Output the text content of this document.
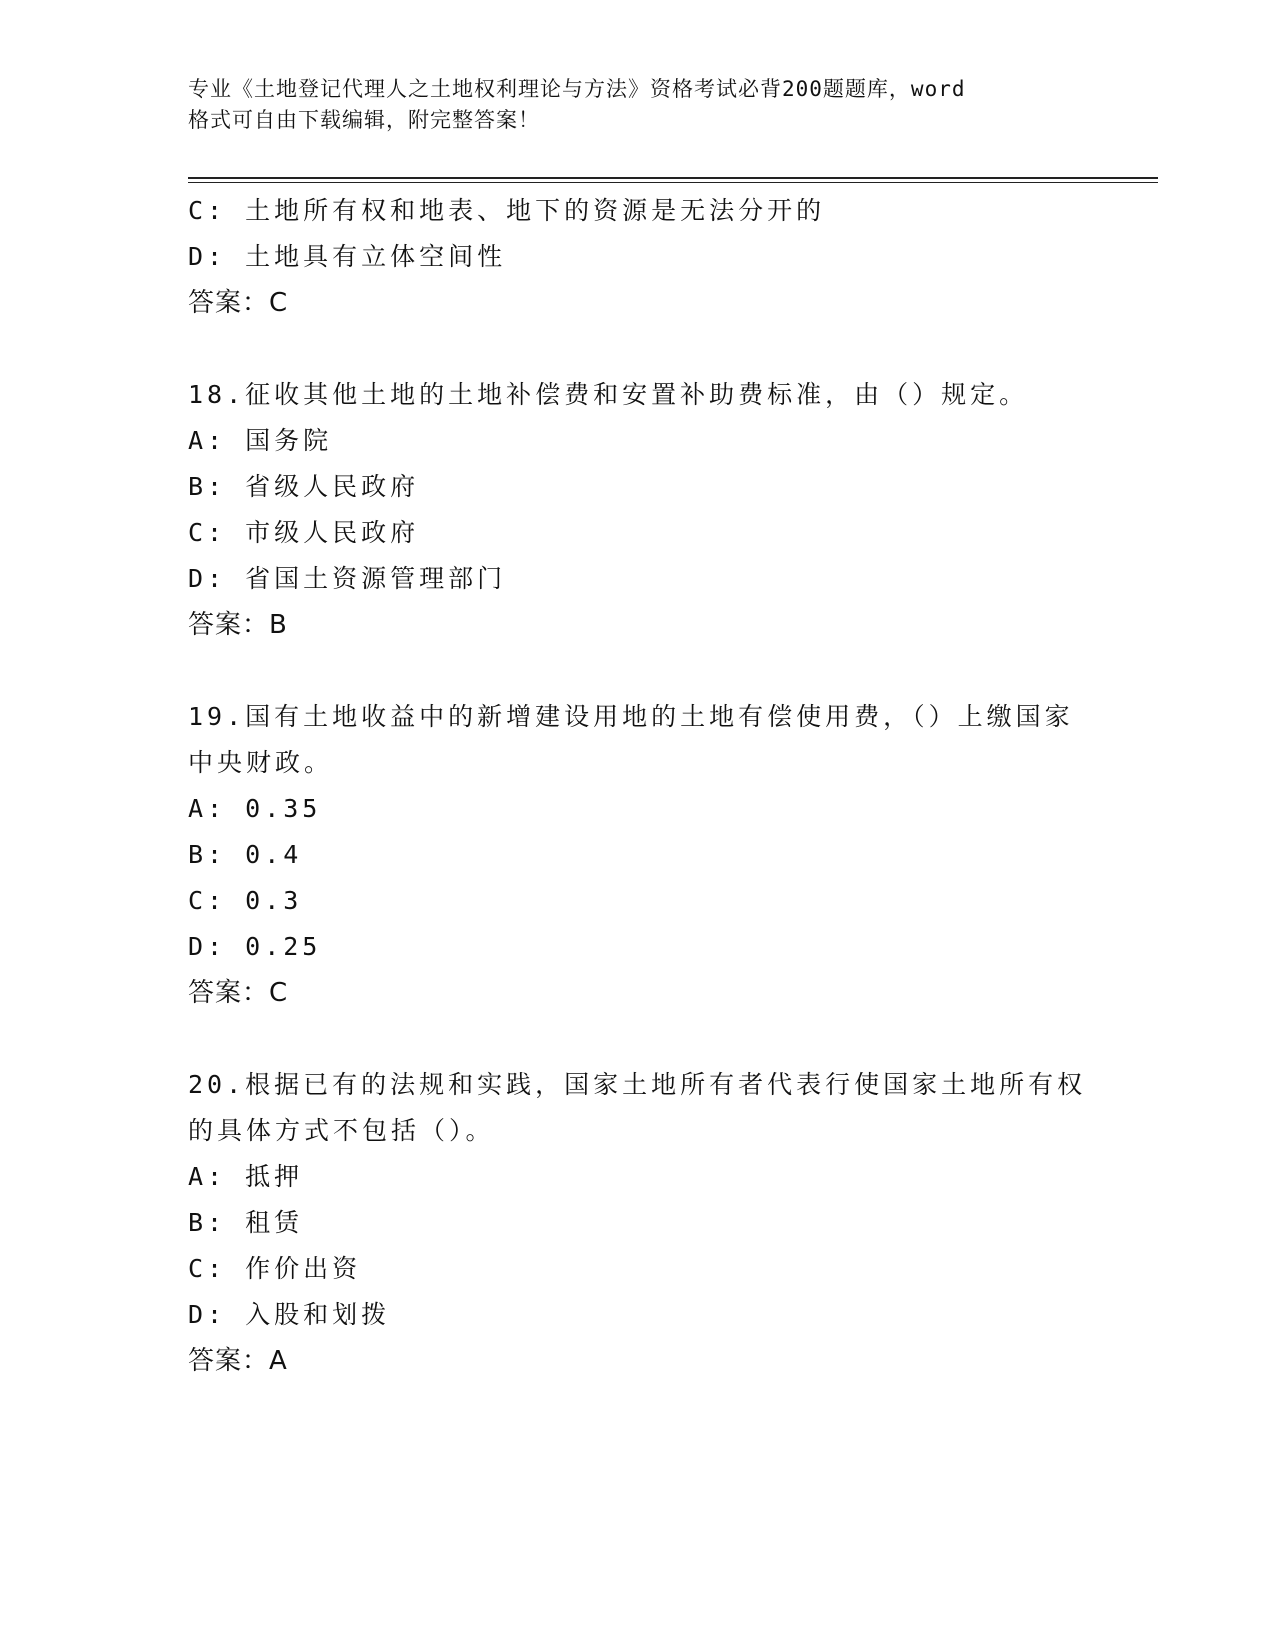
专业《土地登记代理人之土地权利理论与方法》资格考试必背200题题库，word
格式可自由下载编辑，附完整答案！
C: 土地所有权和地表、地下的资源是无法分开的
D: 土地具有立体空间性
答案：C
18.征收其他土地的土地补偿费和安置补助费标准，由（）规定。
A: 国务院
B: 省级人民政府
C: 市级人民政府
D: 省国土资源管理部门
答案：B
19.国有土地收益中的新增建设用地的土地有偿使用费，（）上缴国家
中央财政。
A: 0.35
B: 0.4
C: 0.3
D: 0.25
答案：C
20.根据已有的法规和实践，国家土地所有者代表行使国家土地所有权
的具体方式不包括（）。
A: 抵押
B: 租赁
C: 作价出资
D: 入股和划拨
答案：A
